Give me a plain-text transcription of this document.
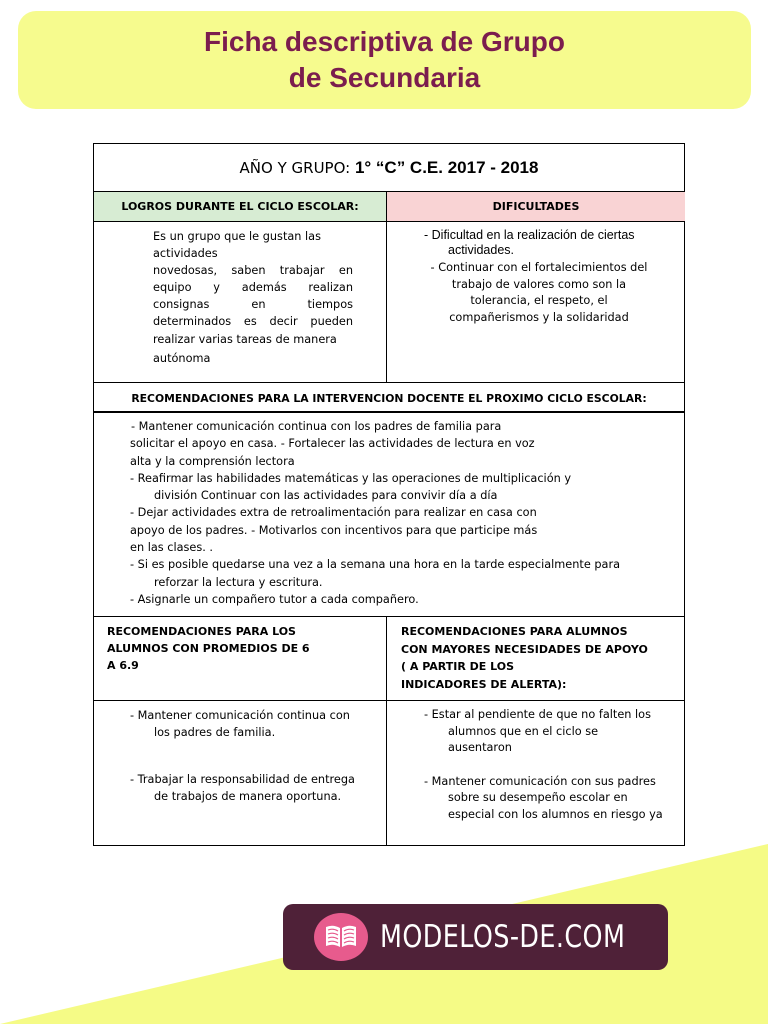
Ficha descriptiva de Grupo
de Secundaria
AÑO Y GRUPO:
1° “C” C.E. 2017 - 2018
LOGROS DURANTE EL CICLO ESCOLAR:	DIFICULTADES
Es un grupo que le gustan las
actividades
novedosas, saben trabajar en
equipo y además realizan
consignas en tiempos
determinados es decir pueden
realizar varias tareas de manera
autónoma
- Dificultad en la realización de ciertas
actividades.
- Continuar con el fortalecimientos del
trabajo de valores como son la
tolerancia, el respeto, el
compañerismos y la solidaridad
RECOMENDACIONES PARA LA INTERVENCION DOCENTE EL PROXIMO CICLO ESCOLAR:
- Mantener comunicación continua con los padres de familia para
solicitar el apoyo en casa. - Fortalecer las actividades de lectura en voz
alta y la comprensión lectora
- Reafirmar las habilidades matemáticas y las operaciones de multiplicación y
división Continuar con las actividades para convivir día a día
- Dejar actividades extra de retroalimentación para realizar en casa con
apoyo de los padres. - Motivarlos con incentivos para que participe más
en las clases. .
- Si es posible quedarse una vez a la semana una hora en la tarde especialmente para
reforzar la lectura y escritura.
- Asignarle un compañero tutor a cada compañero.
RECOMENDACIONES PARA LOS
ALUMNOS CON PROMEDIOS DE 6
A 6.9
RECOMENDACIONES PARA ALUMNOS
CON MAYORES NECESIDADES DE APOYO
( A PARTIR DE LOS
INDICADORES DE ALERTA):
- Mantener comunicación continua con
los padres de familia.
- Trabajar la responsabilidad de entrega
de trabajos de manera oportuna.
- Estar al pendiente de que no falten los
alumnos que en el ciclo se
ausentaron
- Mantener comunicación con sus padres
sobre su desempeño escolar en
especial con los alumnos en riesgo ya
MODELOS-DE.COM
